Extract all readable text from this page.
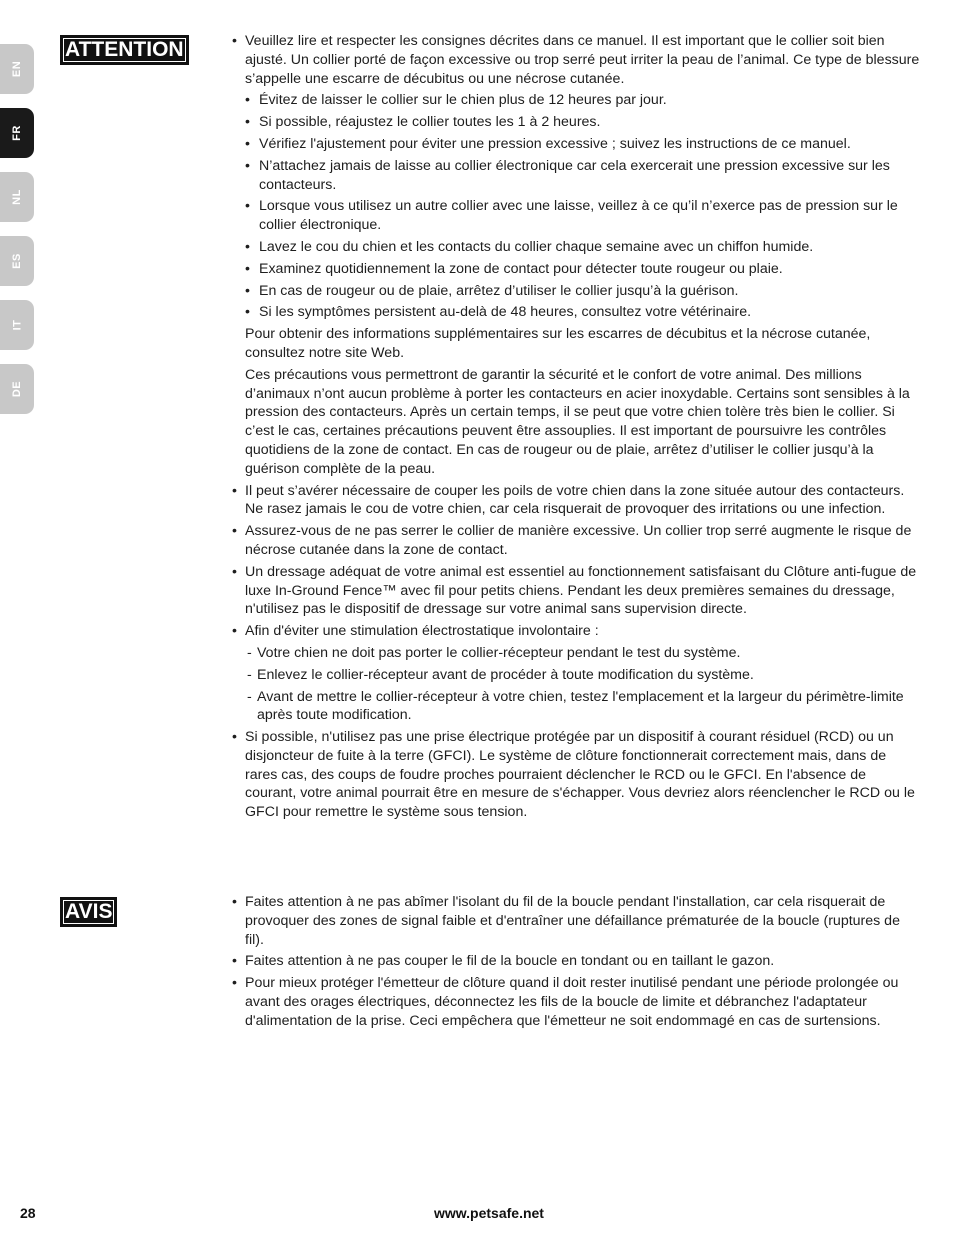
EN
FR
NL
ES
IT
DE
ATTENTION	• Veuillez lire et respecter les consignes décrites dans ce manuel. Il est important que le collier soit bien ajusté. Un collier porté de façon excessive ou trop serré peut irriter la peau de l’animal. Ce type de blessure s’appelle une escarre de décubitus ou une nécrose cutanée.

• Évitez de laisser le collier sur le chien plus de 12 heures par jour.

• Si possible, réajustez le collier toutes les 1 à 2 heures.

• Vérifiez l'ajustement pour éviter une pression excessive ; suivez les instructions de ce manuel.

• N’attachez jamais de laisse au collier électronique car cela exercerait une pression excessive sur les contacteurs.

• Lorsque vous utilisez un autre collier avec une laisse, veillez à ce qu’il n’exerce pas de pression sur le collier électronique.

• Lavez le cou du chien et les contacts du collier chaque semaine avec un chiffon humide.

• Examinez quotidiennement la zone de contact pour détecter toute rougeur ou plaie.

• En cas de rougeur ou de plaie, arrêtez d’utiliser le collier jusqu’à la guérison.

• Si les symptômes persistent au-delà de 48 heures, consultez votre vétérinaire.

Pour obtenir des informations supplémentaires sur les escarres de décubitus et la nécrose cutanée, consultez notre site Web.

Ces précautions vous permettront de garantir la sécurité et le confort de votre animal. Des millions d’animaux n’ont aucun problème à porter les contacteurs en acier inoxydable. Certains sont sensibles à la pression des contacteurs. Après un certain temps, il se peut que votre chien tolère très bien le collier. Si c’est le cas, certaines précautions peuvent être assouplies. Il est important de poursuivre les contrôles quotidiens de la zone de contact. En cas de rougeur ou de plaie, arrêtez d’utiliser le collier jusqu’à la guérison complète de la peau.

• Il peut s’avérer nécessaire de couper les poils de votre chien dans la zone située autour des contacteurs. Ne rasez jamais le cou de votre chien, car cela risquerait de provoquer des irritations ou une infection.

• Assurez-vous de ne pas serrer le collier de manière excessive. Un collier trop serré augmente le risque de nécrose cutanée dans la zone de contact.

• Un dressage adéquat de votre animal est essentiel au fonctionnement satisfaisant du Clôture anti-fugue de luxe In-Ground Fence™ avec fil pour petits chiens. Pendant les deux premières semaines du dressage, n'utilisez pas le dispositif de dressage sur votre animal sans supervision directe.

• Afin d'éviter une stimulation électrostatique involontaire :

- Votre chien ne doit pas porter le collier-récepteur pendant le test du système.

- Enlevez le collier-récepteur avant de procéder à toute modification du système.

- Avant de mettre le collier-récepteur à votre chien, testez l'emplacement et la largeur du périmètre-limite après toute modification.

• Si possible, n'utilisez pas une prise électrique protégée par un dispositif à courant résiduel (RCD) ou un disjoncteur de fuite à la terre (GFCI). Le système de clôture fonctionnerait correctement mais, dans de rares cas, des coups de foudre proches pourraient déclencher le RCD ou le GFCI. En l'absence de courant, votre animal pourrait être en mesure de s'échapper. Vous devriez alors réenclencher le RCD ou le GFCI pour remettre le système sous tension.

AVIS	• Faites attention à ne pas abîmer l'isolant du fil de la boucle pendant l'installation, car cela risquerait de provoquer des zones de signal faible et d'entraîner une défaillance prématurée de la boucle (ruptures de fil).

• Faites attention à ne pas couper le fil de la boucle en tondant ou en taillant le gazon.

• Pour mieux protéger l'émetteur de clôture quand il doit rester inutilisé pendant une période prolongée ou avant des orages électriques, déconnectez les fils de la boucle de limite et débranchez l'adaptateur d'alimentation de la prise. Ceci empêchera que l'émetteur ne soit endommagé en cas de surtensions.

28	www.petsafe.net
